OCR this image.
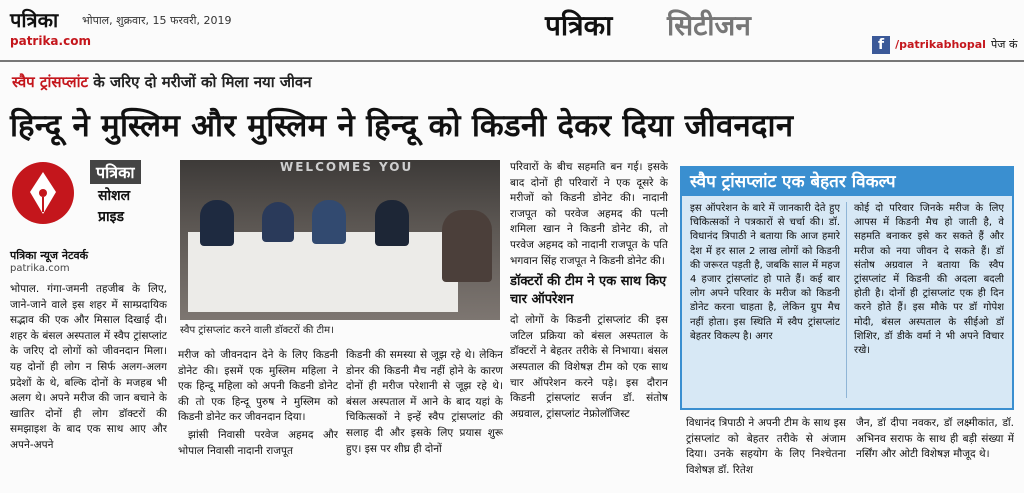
पत्रिका भोपाल, शुक्रवार, 15 फरवरी, 2019
patrika.com	पत्रिका सिटीजन
f /patrikabhopal पेज कं
स्वैप ट्रांसप्लांट के जरिए दो मरीजों को मिला नया जीवन
हिन्दू ने मुस्लिम और मुस्लिम ने हिन्दू को किडनी देकर दिया जीवनदान
पत्रिका
सोशल
प्राइड
पत्रिका न्यूज नेटवर्क
patrika.com
भोपाल. गंगा-जमनी तहजीब के लिए, जाने-जाने वाले इस शहर में साम्प्रदायिक सद्भाव की एक और मिसाल दिखाई दी। शहर के बंसल अस्पताल में स्वैप ट्रांसप्लांट के जरिए दो लोगों को जीवनदान मिला। यह दोनों ही लोग न सिर्फ अलग-अलग प्रदेशों के थे, बल्कि दोनों के मजहब भी अलग थे। अपने मरीज की जान बचाने के खातिर दोनों ही लोग डॉक्टरों की समझाइश के बाद एक साथ आए और अपने-अपने
WELCOMES YOU
स्वैप ट्रांसप्लांट करने वाली डॉक्टरों की टीम।
मरीज को जीवनदान देने के लिए किडनी डोनेट की। इसमें एक मुस्लिम महिला ने एक हिन्दू महिला को अपनी किडनी डोनेट की तो एक हिन्दू पुरुष ने मुस्लिम को किडनी डोनेट कर जीवनदान दिया।
झांसी निवासी परवेज अहमद और भोपाल निवासी नादानी राजपूत
किडनी की समस्या से जूझ रहे थे। लेकिन डोनर की किडनी मैच नहीं होने के कारण दोनों ही मरीज परेशानी से जूझ रहे थे। बंसल अस्पताल में आने के बाद यहां के चिकित्सकों ने इन्हें स्वैप ट्रांसप्लांट की सलाह दी और इसके लिए प्रयास शुरू हुए। इस पर शीघ्र ही दोनों
परिवारों के बीच सहमति बन गई। इसके बाद दोनों ही परिवारों ने एक दूसरे के मरीजों को किडनी डोनेट की। नादानी राजपूत को परवेज अहमद की पत्नी शमिला खान ने किडनी डोनेट की, तो परवेज अहमद को नादानी राजपूत के पति भगवान सिंह राजपूत ने किडनी डोनेट की।
डॉक्टरों की टीम ने एक साथ किए चार ऑपरेशन
दो लोगों के किडनी ट्रांसप्लांट की इस जटिल प्रक्रिया को बंसल अस्पताल के डॉक्टरों ने बेहतर तरीके से निभाया। बंसल अस्पताल की विशेषज्ञ टीम को एक साथ चार ऑपरेशन करने पड़े। इस दौरान किडनी ट्रांसप्लांट सर्जन डॉ. संतोष अग्रवाल, ट्रांसप्लांट नेफ्रोलॉजिस्ट
स्वैप ट्रांसप्लांट एक बेहतर विकल्प
इस ऑपरेशन के बारे में जानकारी देते हुए चिकित्सकों ने पत्रकारों से चर्चा की। डॉ. विधानंद त्रिपाठी ने बताया कि आज हमारे देश में हर साल 2 लाख लोगों को किडनी की जरूरत पड़ती है, जबकि साल में महज 4 हजार ट्रांसप्लांट हो पाते हैं। कई बार लोग अपने परिवार के मरीज को किडनी डोनेट करना चाहता है, लेकिन ग्रुप मैच नहीं होता। इस स्थिति में स्वैप ट्रांसप्लांट बेहतर विकल्प है। अगर
कोई दो परिवार जिनके मरीज के लिए आपस में किडनी मैच हो जाती है, वे सहमति बनाकर इसे कर सकते हैं और मरीज को नया जीवन दे सकते हैं। डॉ संतोष अग्रवाल ने बताया कि स्वैप ट्रांसप्लांट में किडनी की अदला बदली होती है। दोनों ही ट्रांसप्लांट एक ही दिन करने होते हैं। इस मौके पर डॉ गोपेश मोदी, बंसल अस्पताल के सीईओ डॉ शिशिर, डॉ डीके वर्मा ने भी अपने विचार रखे।
विधानंद त्रिपाठी ने अपनी टीम के साथ इस ट्रांसप्लांट को बेहतर तरीके से अंजाम दिया। उनके सहयोग के लिए निश्चेतना विशेषज्ञ डॉ. रितेश
जैन, डॉ दीपा नवकर, डॉ लक्ष्मीकांत, डॉ. अभिनव सराफ के साथ ही बड़ी संख्या में नर्सिंग और ओटी विशेषज्ञ मौजूद थे।
